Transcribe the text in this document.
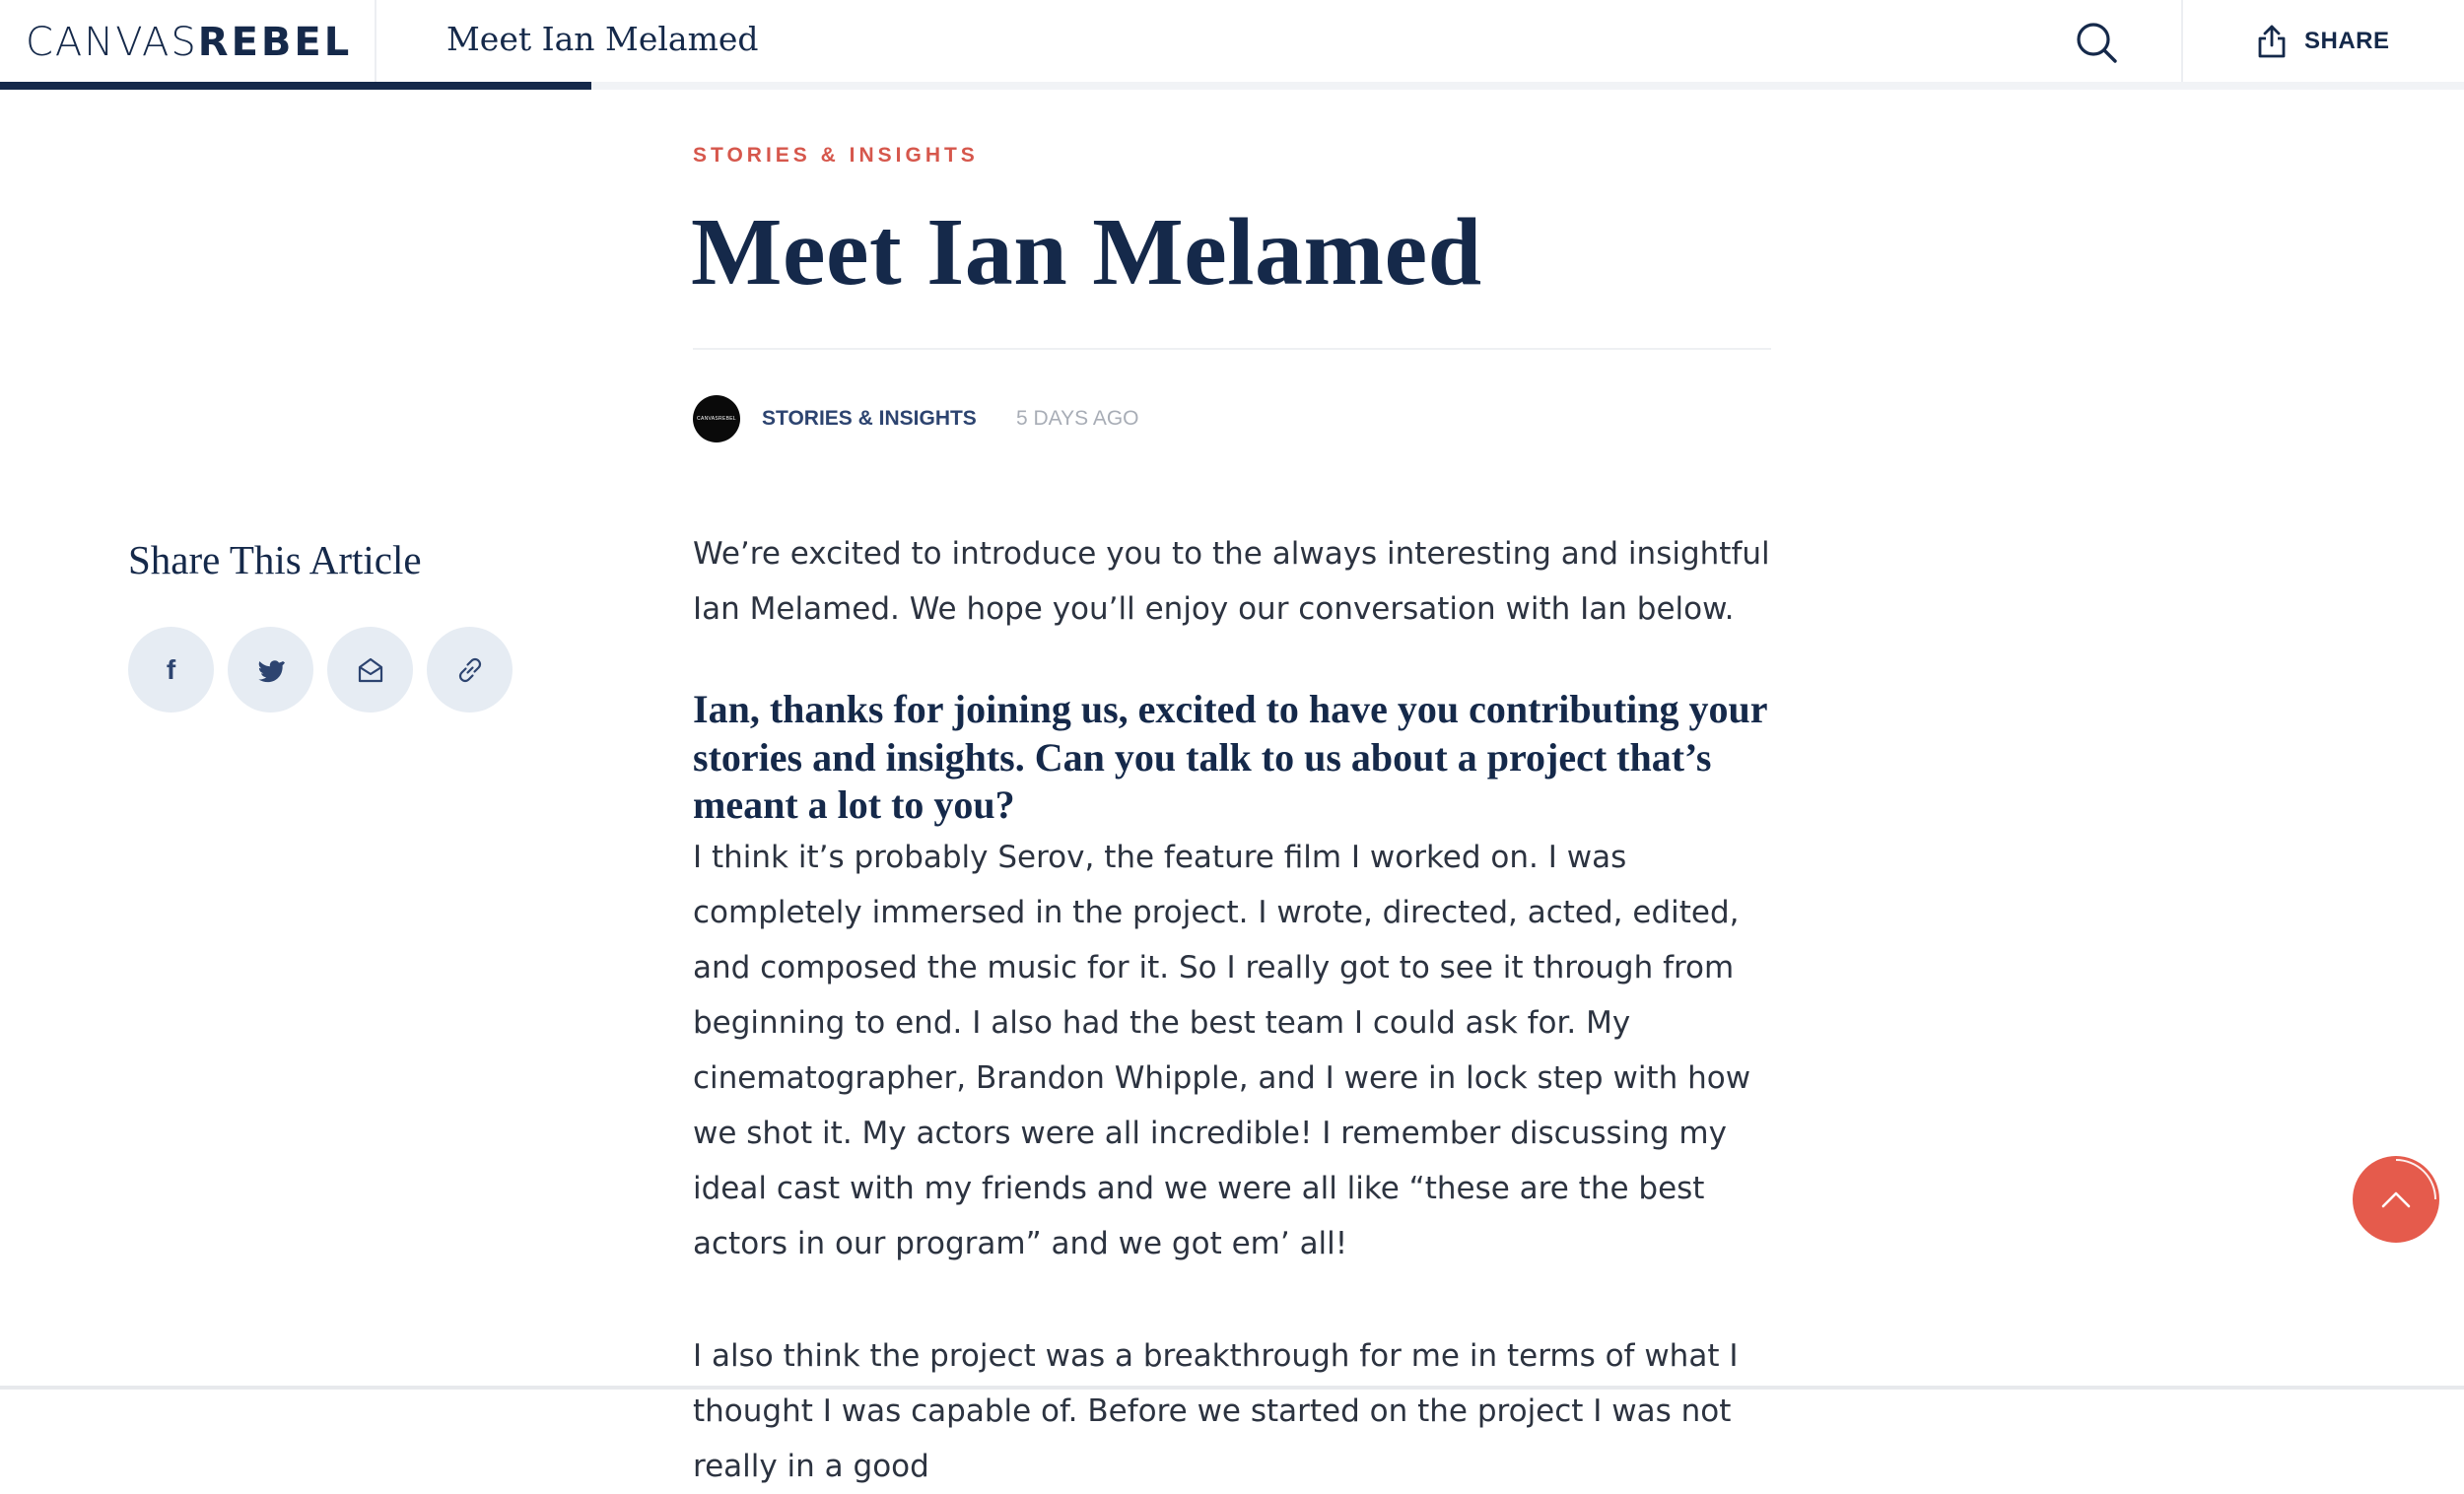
CANVAS REBEL	Meet Ian Melamed	SHARE
STORIES & INSIGHTS
Meet Ian Melamed
CANVASREBEL STORIES & INSIGHTS 5 DAYS AGO
Share This Article
f

We’re excited to introduce you to the always interesting and insightful Ian Melamed. We hope you’ll enjoy our conversation with Ian below.

Ian, thanks for joining us, excited to have you contributing your stories and insights. Can you talk to us about a project that’s meant a lot to you?

I think it’s probably Serov, the feature film I worked on. I was completely immersed in the project. I wrote, directed, acted, edited, and composed the music for it. So I really got to see it through from beginning to end. I also had the best team I could ask for. My cinematographer, Brandon Whipple, and I were in lock step with how we shot it. My actors were all incredible! I remember discussing my ideal cast with my friends and we were all like “these are the best actors in our program” and we got em’ all!

I also think the project was a breakthrough for me in terms of what I thought I was capable of. Before we started on the project I was not really in a good
